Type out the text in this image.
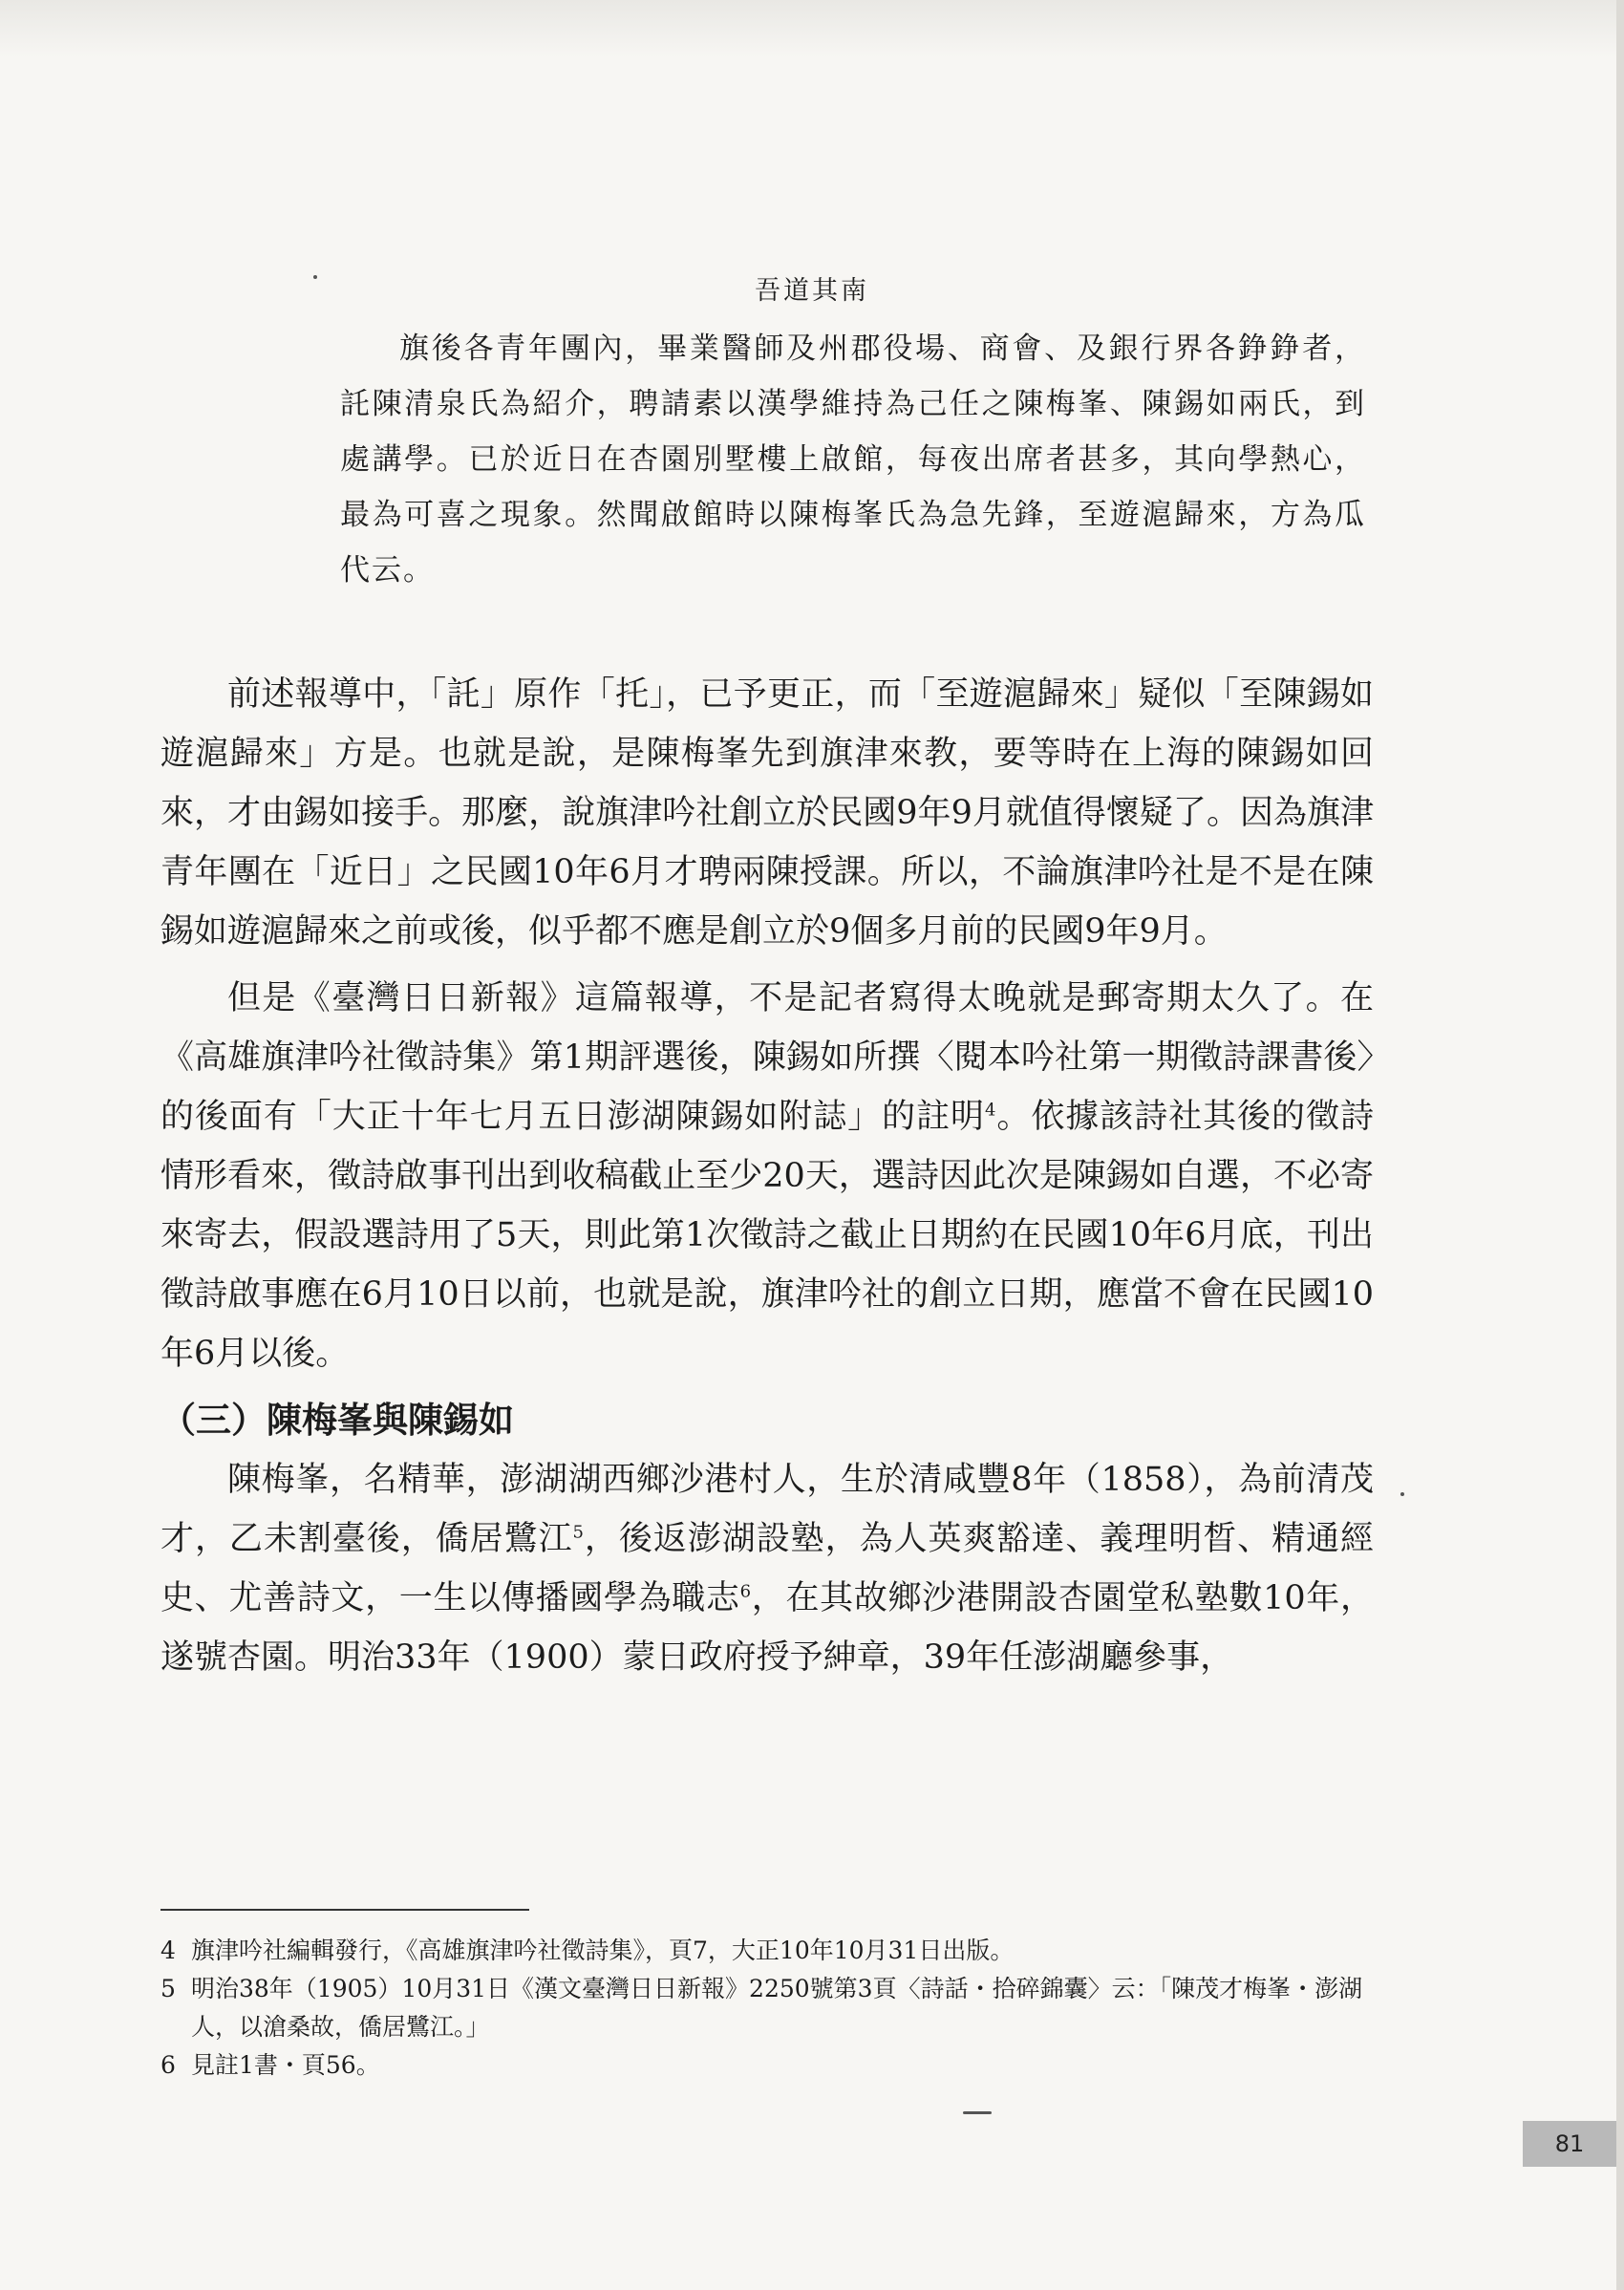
吾道其南

旗後各青年團內，畢業醫師及州郡役場、商會、及銀行界各錚錚者，託陳清泉氏為紹介，聘請素以漢學維持為己任之陳梅峯、陳錫如兩氏，到處講學。已於近日在杏園別墅樓上啟館，每夜出席者甚多，其向學熱心，最為可喜之現象。然聞啟館時以陳梅峯氏為急先鋒，至遊滬歸來，方為瓜代云。

前述報導中，「託」原作「托」，已予更正，而「至遊滬歸來」疑似「至陳錫如遊滬歸來」方是。也就是說，是陳梅峯先到旗津來教，要等時在上海的陳錫如回來，才由錫如接手。那麼，說旗津吟社創立於民國9年9月就值得懷疑了。因為旗津青年團在「近日」之民國10年6月才聘兩陳授課。所以，不論旗津吟社是不是在陳錫如遊滬歸來之前或後，似乎都不應是創立於9個多月前的民國9年9月。

但是《臺灣日日新報》這篇報導，不是記者寫得太晚就是郵寄期太久了。在《高雄旗津吟社徵詩集》第1期評選後，陳錫如所撰〈閱本吟社第一期徵詩課書後〉的後面有「大正十年七月五日澎湖陳錫如附誌」的註明$^4$。依據該詩社其後的徵詩情形看來，徵詩啟事刊出到收稿截止至少20天，選詩因此次是陳錫如自選，不必寄來寄去，假設選詩用了5天，則此第1次徵詩之截止日期約在民國10年6月底，刊出徵詩啟事應在6月10日以前，也就是說，旗津吟社的創立日期，應當不會在民國10年6月以後。

（三）陳梅峯與陳錫如

陳梅峯，名精華，澎湖湖西鄉沙港村人，生於清咸豐8年（1858），為前清茂才，乙未割臺後，僑居鷺江$^5$，後返澎湖設塾，為人英爽豁達、義理明晳、精通經史、尤善詩文，一生以傳播國學為職志$^6$，在其故鄉沙港開設杏園堂私塾數10年，遂號杏園。明治33年（1900）蒙日政府授予紳章，39年任澎湖廳參事，

4 旗津吟社編輯發行，《高雄旗津吟社徵詩集》，頁7，大正10年10月31日出版。
5 明治38年（1905）10月31日《漢文臺灣日日新報》2250號第3頁〈詩話・拾碎錦囊〉云：「陳茂才梅峯・澎湖人，以滄桑故，僑居鷺江。」
6 見註1書・頁56。
81
